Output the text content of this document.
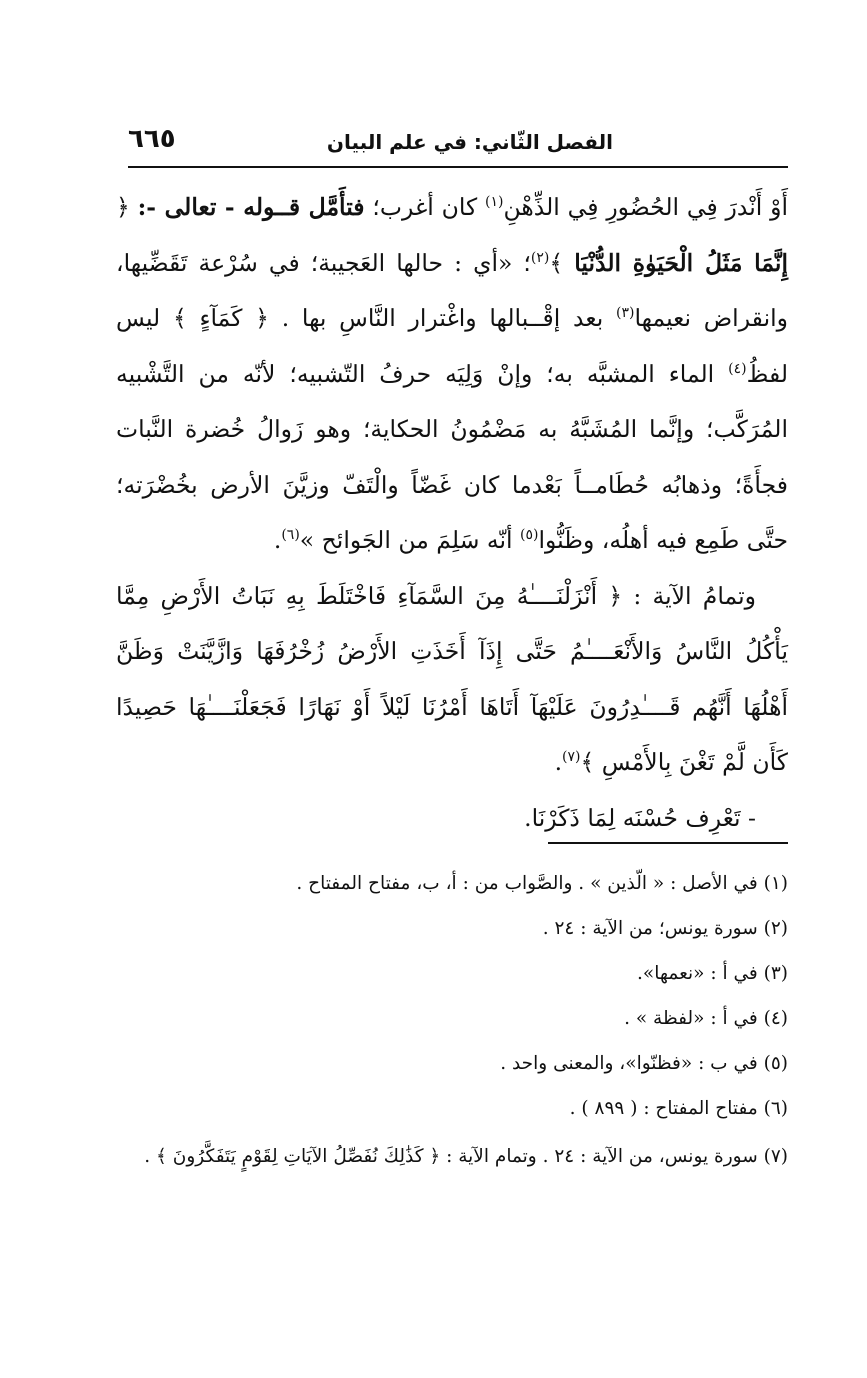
الفصل الثّاني: في علم البيان
٦٦٥

أَوْ أَنْدرَ فِي الحُضُورِ فِي الذِّهْنِ$^{(١)}$ كان أغرب؛ فتأَمَّل قــوله - تعالى -: ﴿ إِنَّمَا مَثَلُ الْحَيَوٰةِ الدُّنْيَا ﴾$^{(٢)}$؛ «أي : حالها العَجيبة؛ في سُرْعة تَقَضِّيها، وانقراض نعيمها$^{(٣)}$ بعد إقْــبالها واغْترار النَّاسِ بها . ﴿ كَمَآءٍ ﴾ ليس لفظُ$^{(٤)}$ الماء المشبَّه به؛ وإنْ وَلِيَه حرفُ التّشبيه؛ لأنّه من التَّشْبيه المُرَكَّب؛ وإنَّما المُشَبَّهُ به مَضْمُونُ الحكاية؛ وهو زَوالُ خُضرة النَّبات فجأَةً؛ وذهابُه حُطَامــاً بَعْدما كان غَضّاً والْتَفّ وزيَّنَ الأرض بخُضْرَته؛ حتَّى طَمِع فيه أهلُه، وظَنُّوا$^{(٥)}$ أنّه سَلِمَ من الجَوائح »$^{(٦)}$.

وتمامُ الآية : ﴿ أَنْزَلْنَــــٰهُ مِنَ السَّمَآءِ فَاخْتَلَطَ بِهِ نَبَاتُ الأَرْضِ مِمَّا يَأْكُلُ النَّاسُ وَالأَنْعَــــٰمُ حَتَّى إِذَآ أَخَذَتِ الأَرْضُ زُخْرُفَهَا وَازَّيَّنَتْ وَظَنَّ أَهْلُهَا أَنَّهُم قَــــٰدِرُونَ عَلَيْهَآ أَتَاهَا أَمْرُنَا لَيْلاً أَوْ نَهَارًا فَجَعَلْنَــــٰهَا حَصِيدًا كَأَن لَّمْ تَغْنَ بِالأَمْسِ ﴾$^{(٧)}$.

- تَعْرِف حُسْنَه لِمَا ذَكَرْنَا.

(١) في الأصل : « الّذين » . والصَّواب من : أ، ب، مفتاح المفتاح .

(٢) سورة يونس؛ من الآية : ٢٤ .

(٣) في أ : «نعمها».

(٤) في أ : «لفظة » .

(٥) في ب : «فظنّوا»، والمعنى واحد .

(٦) مفتاح المفتاح : ( ٨٩٩ ) .

(٧) سورة يونس، من الآية : ٢٤ . وتمام الآية : ﴿ كَذَٰلِكَ نُفَصِّلُ الآيَاتِ لِقَوْمٍ يَتَفَكَّرُونَ ﴾ .
